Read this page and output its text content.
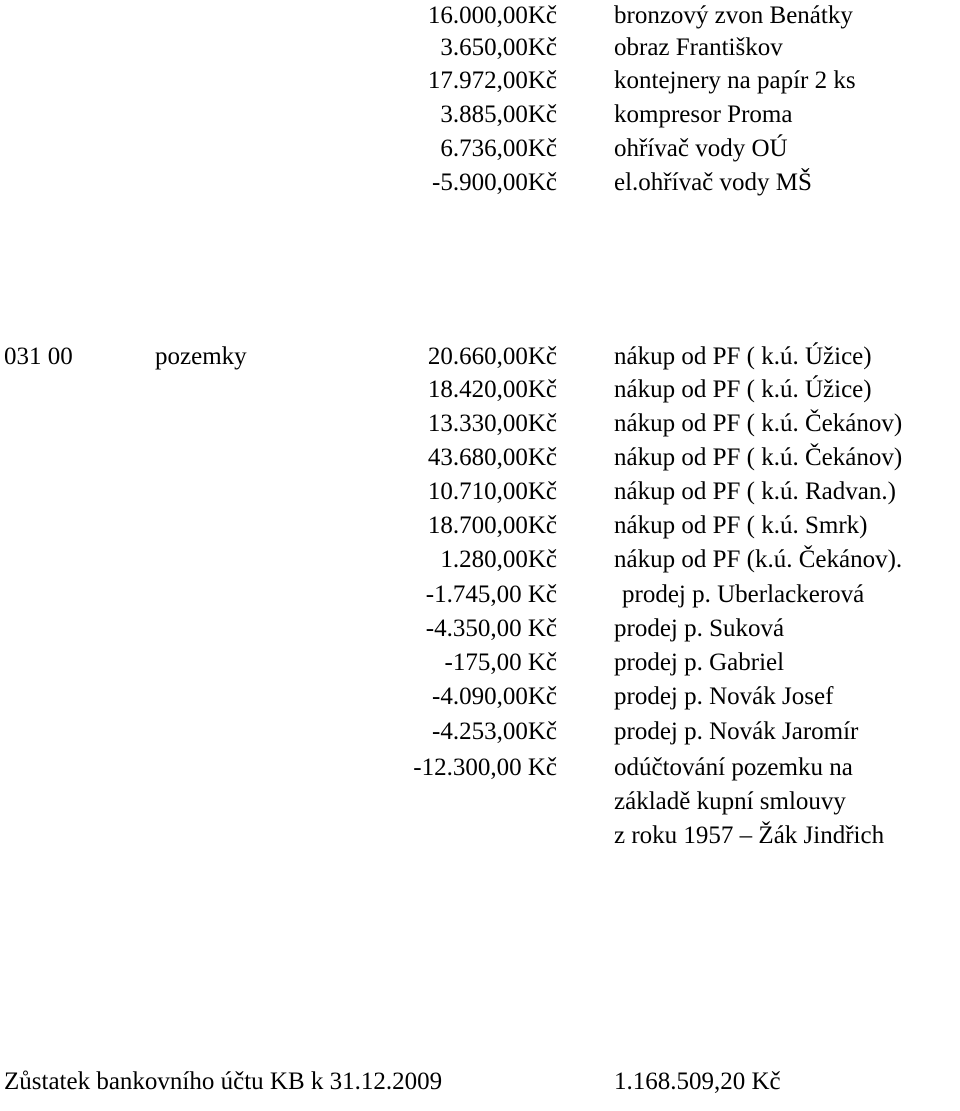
16.000,00Kč bronzový zvon Benátky
3.650,00Kč obraz Františkov
17.972,00Kč kontejnery na papír 2 ks
3.885,00Kč kompresor Proma
6.736,00Kč ohřívač vody OÚ
-5.900,00Kč el.ohřívač vody MŠ
031 00	pozemky	20.660,00Kč nákup od PF ( k.ú. Úžice)
18.420,00Kč nákup od PF ( k.ú. Úžice)
13.330,00Kč nákup od PF ( k.ú. Čekánov)
43.680,00Kč nákup od PF ( k.ú. Čekánov)
10.710,00Kč nákup od PF ( k.ú. Radvan.)
18.700,00Kč nákup od PF ( k.ú. Smrk)
1.280,00Kč nákup od PF (k.ú. Čekánov).
-1.745,00 Kč	prodej p. Uberlackerová
-4.350,00 Kč prodej p. Suková
-175,00 Kč prodej p. Gabriel
-4.090,00Kč prodej p. Novák Josef
-4.253,00Kč prodej p. Novák Jaromír
-12.300,00 Kč odúčtování pozemku na
základě kupní smlouvy
z roku 1957 – Žák Jindřich
Zůstatek bankovního účtu KB k 31.12.2009	1.168.509,20 Kč
